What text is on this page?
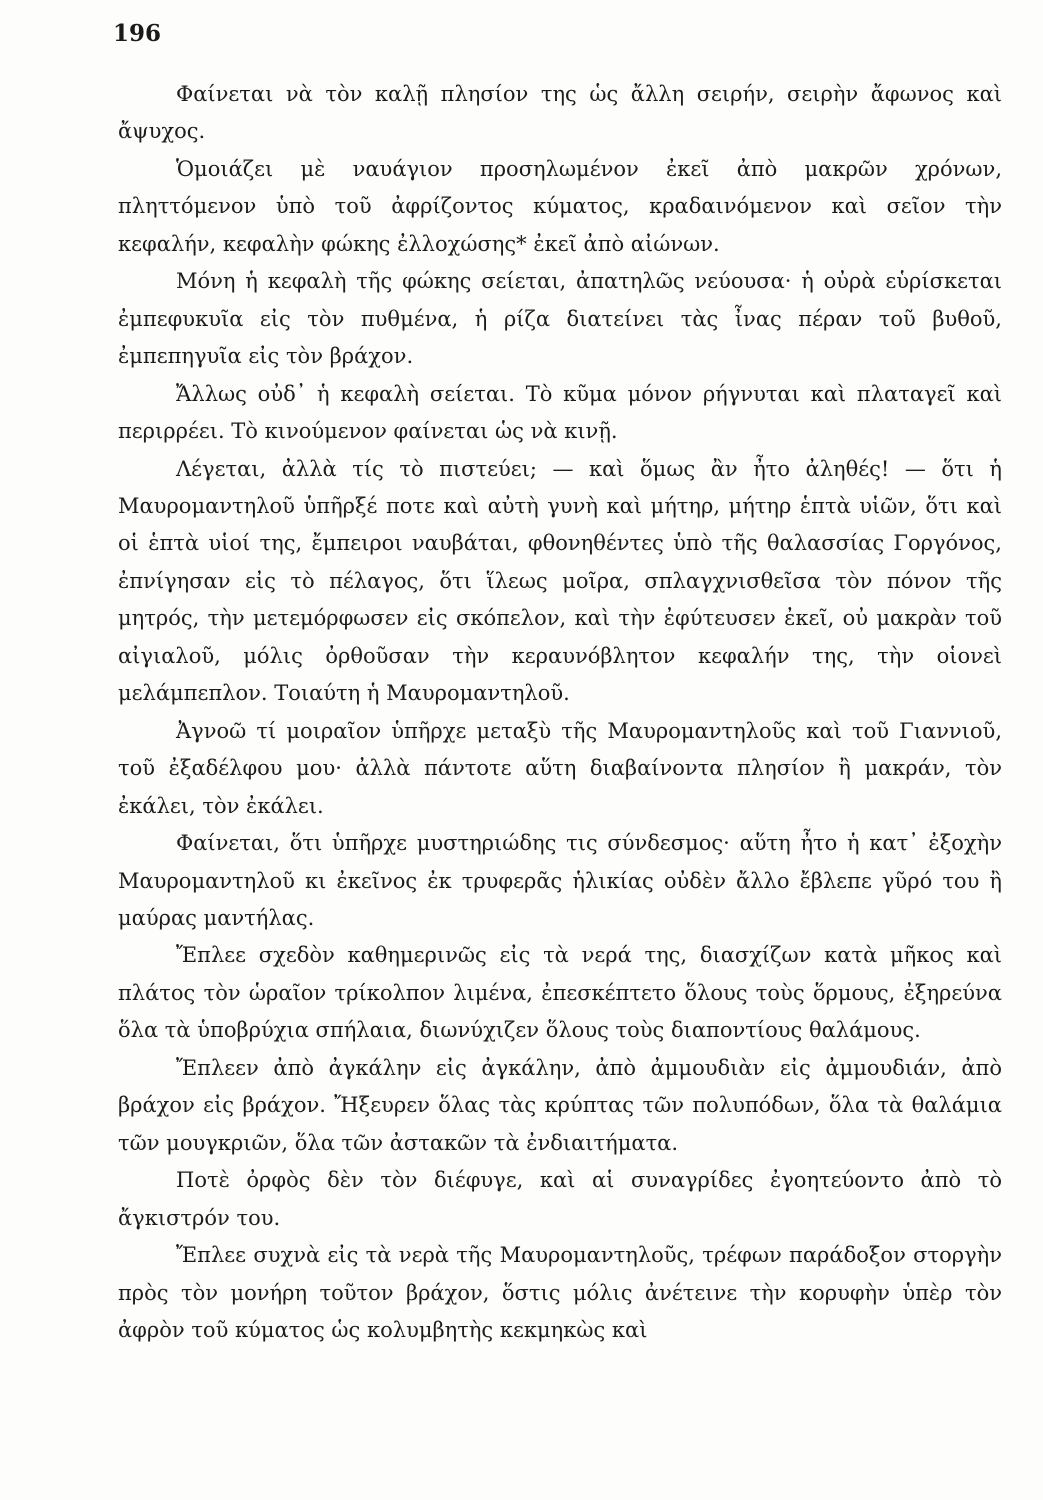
196

Φαίνεται νὰ τὸν καλῇ πλησίον της ὡς ἄλλη σειρήν, σειρὴν ἄφωνος καὶ ἄψυχος.

Ὁμοιάζει μὲ ναυάγιον προσηλωμένον ἐκεῖ ἀπὸ μακρῶν χρόνων, πληττόμενον ὑπὸ τοῦ ἀφρίζοντος κύματος, κραδαινόμενον καὶ σεῖον τὴν κεφαλήν, κεφαλὴν φώκης ἐλλοχώσης* ἐκεῖ ἀπὸ αἰώνων.

Μόνη ἡ κεφαλὴ τῆς φώκης σείεται, ἀπατηλῶς νεύουσα· ἡ οὐρὰ εὑρίσκεται ἐμπεφυκυῖα εἰς τὸν πυθμένα, ἡ ρίζα διατείνει τὰς ἶνας πέραν τοῦ βυθοῦ, ἐμπεπηγυῖα εἰς τὸν βράχον.

Ἄλλως οὐδ᾿ ἡ κεφαλὴ σείεται. Τὸ κῦμα μόνον ρήγνυται καὶ πλαταγεῖ καὶ περιρρέει. Τὸ κινούμενον φαίνεται ὡς νὰ κινῇ.

Λέγεται, ἀλλὰ τίς τὸ πιστεύει; — καὶ ὅμως ἂν ἦτο ἀληθές! — ὅτι ἡ Μαυρομαντηλοῦ ὑπῆρξέ ποτε καὶ αὐτὴ γυνὴ καὶ μήτηρ, μήτηρ ἑπτὰ υἱῶν, ὅτι καὶ οἱ ἑπτὰ υἱοί της, ἔμπειροι ναυβάται, φθονηθέντες ὑπὸ τῆς θαλασσίας Γοργόνος, ἐπνίγησαν εἰς τὸ πέλαγος, ὅτι ἵλεως μοῖρα, σπλαγχνισθεῖσα τὸν πόνον τῆς μητρός, τὴν μετεμόρφωσεν εἰς σκόπελον, καὶ τὴν ἐφύτευσεν ἐκεῖ, οὐ μακρὰν τοῦ αἰγιαλοῦ, μόλις ὀρθοῦσαν τὴν κεραυνόβλητον κεφαλήν της, τὴν οἱονεὶ μελάμπεπλον. Τοιαύτη ἡ Μαυρομαντηλοῦ.

Ἀγνοῶ τί μοιραῖον ὑπῆρχε μεταξὺ τῆς Μαυρομαντηλοῦς καὶ τοῦ Γιαννιοῦ, τοῦ ἐξαδέλφου μου· ἀλλὰ πάντοτε αὕτη διαβαίνοντα πλησίον ἢ μακράν, τὸν ἐκάλει, τὸν ἐκάλει.

Φαίνεται, ὅτι ὑπῆρχε μυστηριώδης τις σύνδεσμος· αὕτη ἦτο ἡ κατ᾿ ἐξοχὴν Μαυρομαντηλοῦ κι ἐκεῖνος ἐκ τρυφερᾶς ἡλικίας οὐδὲν ἄλλο ἔβλεπε γῦρό του ἢ μαύρας μαντήλας.

Ἔπλεε σχεδὸν καθημερινῶς εἰς τὰ νερά της, διασχίζων κατὰ μῆκος καὶ πλάτος τὸν ὡραῖον τρίκολπον λιμένα, ἐπεσκέπτετο ὅλους τοὺς ὅρμους, ἐξηρεύνα ὅλα τὰ ὑποβρύχια σπήλαια, διωνύχιζεν ὅλους τοὺς διαποντίους θαλάμους.

Ἔπλεεν ἀπὸ ἀγκάλην εἰς ἀγκάλην, ἀπὸ ἀμμουδιὰν εἰς ἀμμουδιάν, ἀπὸ βράχον εἰς βράχον. Ἤξευρεν ὅλας τὰς κρύπτας τῶν πολυπόδων, ὅλα τὰ θαλάμια τῶν μουγκριῶν, ὅλα τῶν ἀστακῶν τὰ ἐνδιαιτήματα.

Ποτὲ ὀρφὸς δὲν τὸν διέφυγε, καὶ αἱ συναγρίδες ἐγοητεύοντο ἀπὸ τὸ ἄγκιστρόν του.

Ἔπλεε συχνὰ εἰς τὰ νερὰ τῆς Μαυρομαντηλοῦς, τρέφων παράδοξον στοργὴν πρὸς τὸν μονήρη τοῦτον βράχον, ὅστις μόλις ἀνέτεινε τὴν κορυφὴν ὑπὲρ τὸν ἀφρὸν τοῦ κύματος ὡς κολυμβητὴς κεκμηκὼς καὶ
